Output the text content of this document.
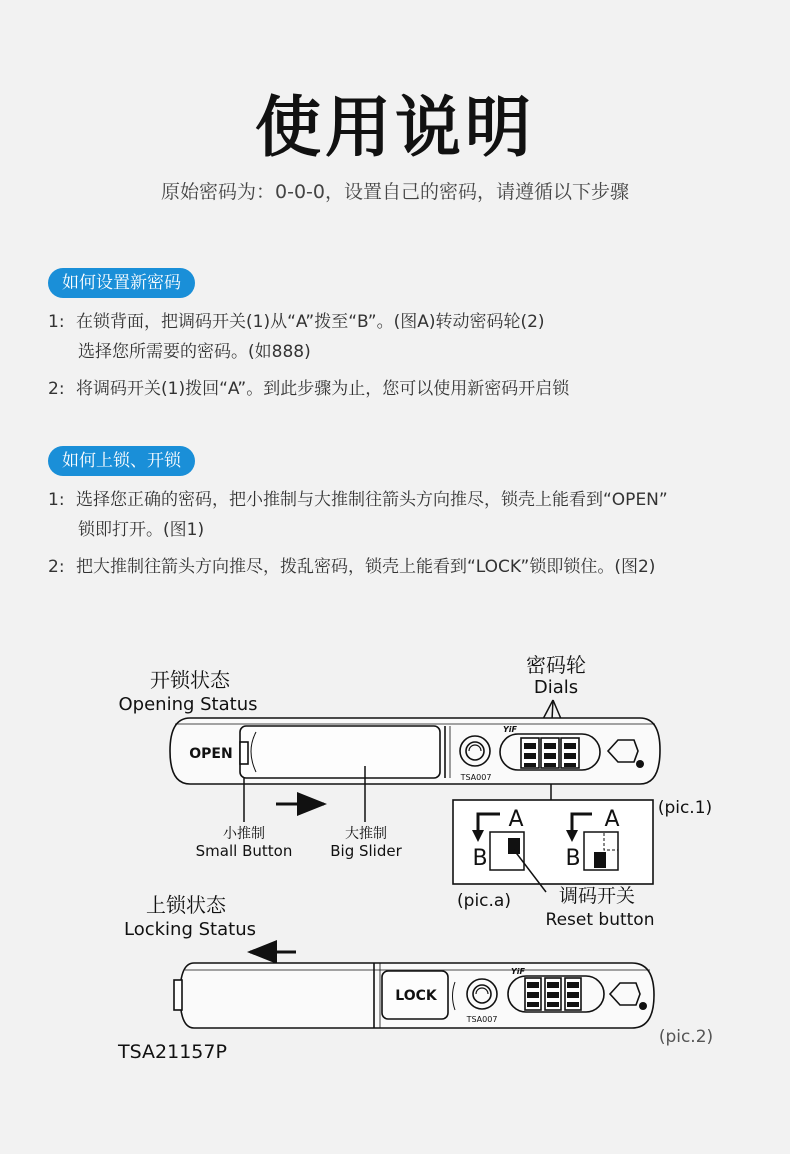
使用说明
原始密码为：0-0-0，设置自己的密码，请遵循以下步骤
如何设置新密码
1: 在锁背面，把调码开关(1)从“A”拨至“B”。(图A)转动密码轮(2)
选择您所需要的密码。(如888)
2: 将调码开关(1)拨回“A”。到此步骤为止，您可以使用新密码开启锁
如何上锁、开锁
1: 选择您正确的密码，把小推制与大推制往箭头方向推尽，锁壳上能看到“OPEN”
锁即打开。(图1)
2: 把大推制往箭头方向推尽，拨乱密码，锁壳上能看到“LOCK”锁即锁住。(图2)
开锁状态
Opening Status
密码轮
Dials
OPEN
YiF
TSA007
小推制
Small Button
大推制
Big Slider
(pic.1)
A
B
A
B
(pic.a)	调码开关
Reset button
上锁状态
Locking Status
LOCK
YiF
TSA007
(pic.2)
TSA21157P
